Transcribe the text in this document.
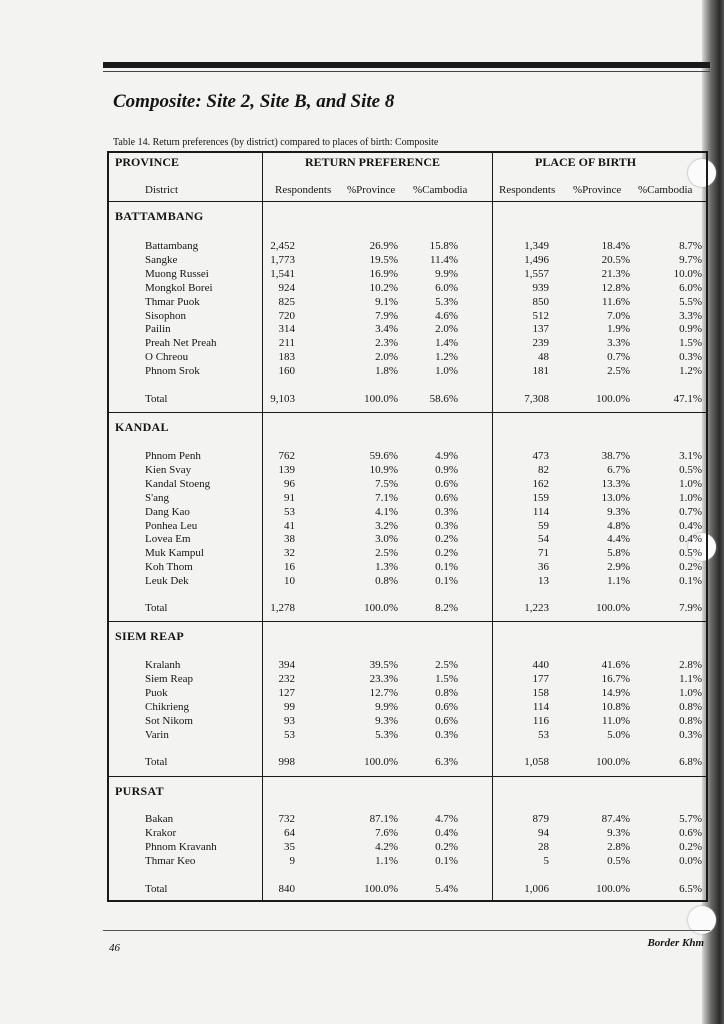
Composite: Site 2, Site B, and Site 8
Table 14. Return preferences (by district) compared to places of birth: Composite
PROVINCE	RETURN PREFERENCE	PLACE OF BIRTH
District	Respondents %Province %Cambodia	Respondents %Province %Cambodia
BATTAMBANG
Battambang	2,452	26.9%	15.8%	1,349	18.4%	8.7%
Sangke	1,773	19.5%	11.4%	1,496	20.5%	9.7%
Muong Russei	1,541	16.9%	9.9%	1,557	21.3%	10.0%
Mongkol Borei	924	10.2%	6.0%	939	12.8%	6.0%
Thmar Puok	825	9.1%	5.3%	850	11.6%	5.5%
Sisophon	720	7.9%	4.6%	512	7.0%	3.3%
Pailin	314	3.4%	2.0%	137	1.9%	0.9%
Preah Net Preah	211	2.3%	1.4%	239	3.3%	1.5%
O Chreou	183	2.0%	1.2%	48	0.7%	0.3%
Phnom Srok	160	1.8%	1.0%	181	2.5%	1.2%
Total	9,103	100.0%	58.6%	7,308	100.0%	47.1%
KANDAL
Phnom Penh	762	59.6%	4.9%	473	38.7%	3.1%
Kien Svay	139	10.9%	0.9%	82	6.7%	0.5%
Kandal Stoeng	96	7.5%	0.6%	162	13.3%	1.0%
S'ang	91	7.1%	0.6%	159	13.0%	1.0%
Dang Kao	53	4.1%	0.3%	114	9.3%	0.7%
Ponhea Leu	41	3.2%	0.3%	59	4.8%	0.4%
Lovea Em	38	3.0%	0.2%	54	4.4%	0.4%
Muk Kampul	32	2.5%	0.2%	71	5.8%	0.5%
Koh Thom	16	1.3%	0.1%	36	2.9%	0.2%
Leuk Dek	10	0.8%	0.1%	13	1.1%	0.1%
Total	1,278	100.0%	8.2%	1,223	100.0%	7.9%
SIEM REAP
Kralanh	394	39.5%	2.5%	440	41.6%	2.8%
Siem Reap	232	23.3%	1.5%	177	16.7%	1.1%
Puok	127	12.7%	0.8%	158	14.9%	1.0%
Chikrieng	99	9.9%	0.6%	114	10.8%	0.8%
Sot Nikom	93	9.3%	0.6%	116	11.0%	0.8%
Varin	53	5.3%	0.3%	53	5.0%	0.3%
Total	998	100.0%	6.3%	1,058	100.0%	6.8%
PURSAT
Bakan	732	87.1%	4.7%	879	87.4%	5.7%
Krakor	64	7.6%	0.4%	94	9.3%	0.6%
Phnom Kravanh	35	4.2%	0.2%	28	2.8%	0.2%
Thmar Keo	9	1.1%	0.1%	5	0.5%	0.0%
Total	840	100.0%	5.4%	1,006	100.0%	6.5%
46	Border Khm
